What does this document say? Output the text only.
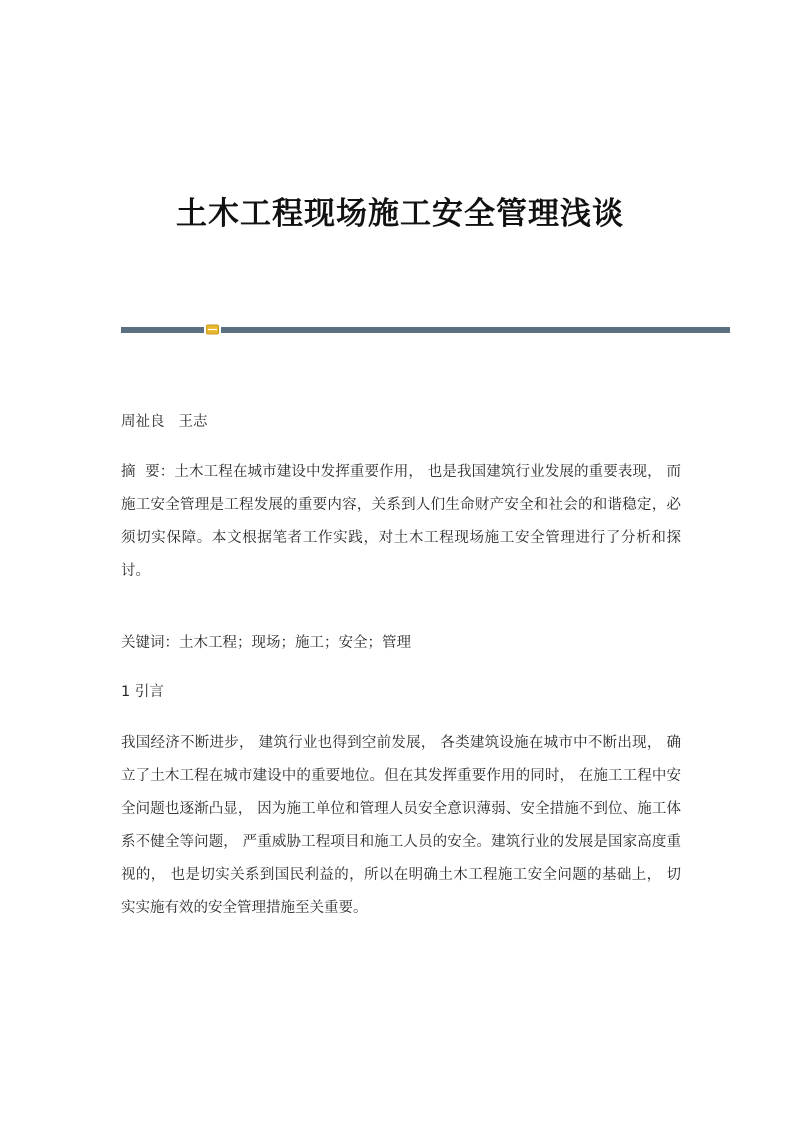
土木工程现场施工安全管理浅谈

周祉良 王志

摘  要：土木工程在城市建设中发挥重要作用， 也是我国建筑行业发展的重要表现， 而施工安全管理是工程发展的重要内容，关系到人们生命财产安全和社会的和谐稳定，必须切实保障。本文根据笔者工作实践，对土木工程现场施工安全管理进行了分析和探讨。

关键词：土木工程；现场；施工；安全；管理

1 引言

我国经济不断进步， 建筑行业也得到空前发展， 各类建筑设施在城市中不断出现， 确立了土木工程在城市建设中的重要地位。但在其发挥重要作用的同时， 在施工工程中安全问题也逐渐凸显， 因为施工单位和管理人员安全意识薄弱、安全措施不到位、施工体系不健全等问题， 严重威胁工程项目和施工人员的安全。建筑行业的发展是国家高度重视的， 也是切实关系到国民利益的，所以在明确土木工程施工安全问题的基础上， 切实实施有效的安全管理措施至关重要。
